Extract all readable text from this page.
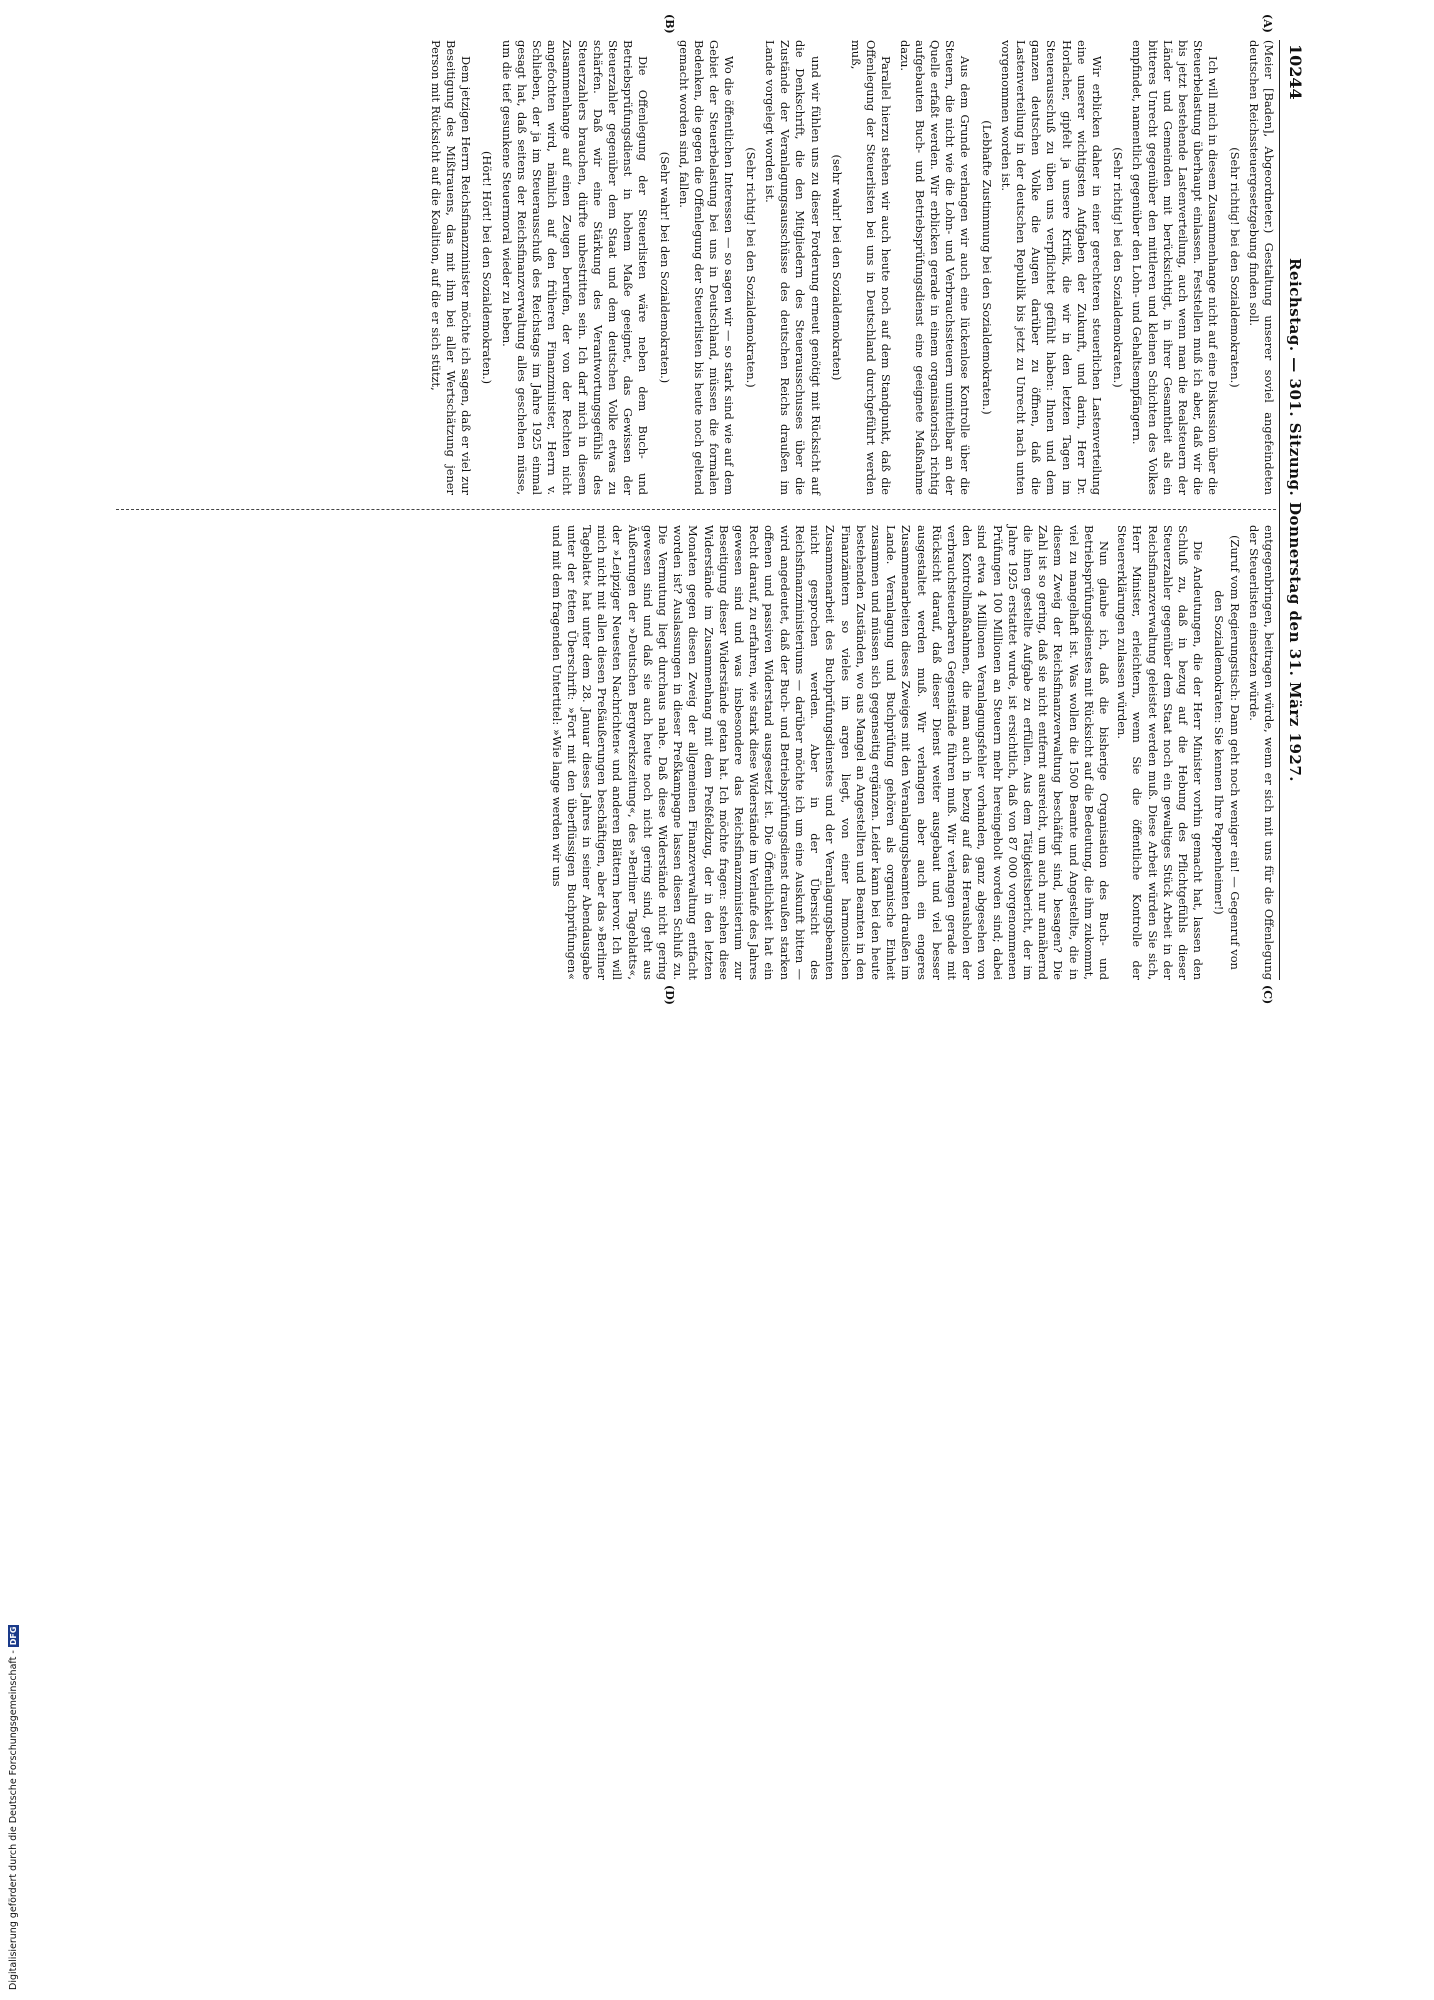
10244
Reichstag. — 301. Sitzung. Donnerstag den 31. März 1927.

(Meier [Baden], Abgeordneter.) Gestaltung unserer soviel angefeindeten deutschen Reichssteuergesetzgebung finden soll.

(Sehr richtig! bei den Sozialdemokraten.)

Ich will mich in diesem Zusammenhange nicht auf eine Diskussion über die Steuerbelastung überhaupt einlassen. Feststellen muß ich aber, daß wir die bis jetzt bestehende Lastenverteilung, auch wenn man die Realsteuern der Länder und Gemeinden mit berücksichtigt, in ihrer Gesamtheit als ein bitteres Unrecht gegenüber den mittleren und kleinen Schichten des Volkes empfindet, namentlich gegenüber den Lohn- und Gehaltsempfängern.

(Sehr richtig! bei den Sozialdemokraten.)

Wir erblicken daher in einer gerechteren steuerlichen Lastenverteilung eine unserer wichtigsten Aufgaben der Zukunft, und darin, Herr Dr. Horlacher, gipfelt ja unsere Kritik, die wir in den letzten Tagen im Steuerausschuß zu üben uns verpflichtet gefühlt haben: Ihnen und dem ganzen deutschen Volke die Augen darüber zu öffnen, daß die Lastenverteilung in der deutschen Republik bis jetzt zu Unrecht nach unten vorgenommen worden ist.

(Lebhafte Zustimmung bei den Sozialdemokraten.)

Aus dem Grunde verlangen wir auch eine lückenlose Kontrolle über die Steuern, die nicht wie die Lohn- und Verbrauchssteuern unmittelbar an der Quelle erfaßt werden. Wir erblicken gerade in einem organisatorisch richtig aufgebauten Buch- und Betriebsprüfungsdienst eine geeignete Maßnahme dazu.

Parallel hierzu stehen wir auch heute noch auf dem Standpunkt, daß die Offenlegung der Steuerlisten bei uns in Deutschland durchgeführt werden muß,

(sehr wahr! bei den Sozialdemokraten)

und wir fühlen uns zu dieser Forderung erneut genötigt mit Rücksicht auf die Denkschrift, die den Mitgliedern des Steuerausschusses über die Zustände der Veranlagungsausschüsse des deutschen Reichs draußen im Lande vorgelegt worden ist.

(Sehr richtig! bei den Sozialdemokraten.)

Wo die öffentlichen Interessen — so sagen wir — so stark sind wie auf dem Gebiet der Steuerbelastung bei uns in Deutschland, müssen die formalen Bedenken, die gegen die Offenlegung der Steuerlisten bis heute noch geltend gemacht worden sind, fallen.

(Sehr wahr! bei den Sozialdemokraten.)

Die Offenlegung der Steuerlisten wäre neben dem Buch- und Betriebsprüfungsdienst in hohem Maße geeignet, das Gewissen der Steuerzahler gegenüber dem Staat und dem deutschen Volke etwas zu schärfen. Daß wir eine Stärkung des Verantwortungsgefühls des Steuerzahlers brauchen, dürfte unbestritten sein. Ich darf mich in diesem Zusammenhange auf einen Zeugen berufen, der von der Rechten nicht angefochten wird, nämlich auf den früheren Finanzminister, Herrn v. Schlieben, der ja im Steuerausschuß des Reichstags im Jahre 1925 einmal gesagt hat, daß seitens der Reichsfinanzverwaltung alles geschehen müsse, um die tief gesunkene Steuermoral wieder zu heben.

(Hört! Hört! bei den Sozialdemokraten.)

Dem jetzigen Herrn Reichsfinanzminister möchte ich sagen, daß er viel zur Beseitigung des Mißtrauens, das mit ihm bei aller Wertschätzung jener Person mit Rücksicht auf die Koalition, auf die er sich stützt,

entgegenbringen, beitragen würde, wenn er sich mit uns für die Offenlegung der Steuerlisten einsetzen würde.

(Zuruf vom Regierungstisch: Dann geht noch weniger ein! — Gegenruf von den Sozialdemokraten: Sie kennen Ihre Pappenheimer!)

Die Andeutungen, die der Herr Minister vorhin gemacht hat, lassen den Schluß zu, daß in bezug auf die Hebung des Pflichtgefühls dieser Steuerzahler gegenüber dem Staat noch ein gewaltiges Stück Arbeit in der Reichsfinanzverwaltung geleistet werden muß. Diese Arbeit würden Sie sich, Herr Minister, erleichtern, wenn Sie die öffentliche Kontrolle der Steuererklärungen zulassen würden.

Nun glaube ich, daß die bisherige Organisation des Buch- und Betriebsprüfungsdienstes mit Rücksicht auf die Bedeutung, die ihm zukommt, viel zu mangelhaft ist. Was wollen die 1500 Beamte und Angestellte, die in diesem Zweig der Reichsfinanzverwaltung beschäftigt sind, besagen? Die Zahl ist so gering, daß sie nicht entfernt ausreicht, um auch nur annähernd die ihnen gestellte Aufgabe zu erfüllen. Aus dem Tätigkeitsbericht, der im Jahre 1925 erstattet wurde, ist ersichtlich, daß von 87 000 vorgenommenen Prüfungen 100 Millionen an Steuern mehr hereingeholt worden sind; dabei sind etwa 4 Millionen Veranlagungsfehler vorhanden, ganz abgesehen von den Kontrollmaßnahmen, die man auch in bezug auf das Herausholen der verbrauchsteuerbaren Gegenstände führen muß. Wir verlangen gerade mit Rücksicht darauf, daß dieser Dienst weiter ausgebaut und viel besser ausgestaltet werden muß. Wir verlangen aber auch ein engeres Zusammenarbeiten dieses Zweiges mit den Veranlagungsbeamten draußen im Lande. Veranlagung und Buchprüfung gehören als organische Einheit zusammen und müssen sich gegenseitig ergänzen. Leider kann bei den heute bestehenden Zuständen, wo aus Mangel an Angestellten und Beamten in den Finanzämtern so vieles im argen liegt, von einer harmonischen Zusammenarbeit des Buchprüfungsdienstes und der Veranlagungsbeamten nicht gesprochen werden. Aber in der Übersicht des Reichsfinanzministeriums — darüber möchte ich um eine Auskunft bitten — wird angedeutet, daß der Buch- und Betriebsprüfungsdienst draußen starken offenen und passiven Widerstand ausgesetzt ist. Die Öffentlichkeit hat ein Recht darauf, zu erfahren, wie stark diese Widerstände im Verlaufe des Jahres gewesen sind und was insbesondere das Reichsfinanzministerium zur Beseitigung dieser Widerstände getan hat. Ich möchte fragen: stehen diese Widerstände im Zusammenhang mit dem Preßfeldzug, der in den letzten Monaten gegen diesen Zweig der allgemeinen Finanzverwaltung entfacht worden ist? Auslassungen in dieser Preßkampagne lassen diesen Schluß zu. Die Vermutung liegt durchaus nahe. Daß diese Widerstände nicht gering gewesen sind und daß sie auch heute noch nicht gering sind, geht aus Äußerungen der »Deutschen Bergwerkszeitung«, des »Berliner Tageblatts«, der »Leipziger Neuesten Nachrichten« und anderen Blättern hervor. Ich will mich nicht mit allen diesen Preßäußerungen beschäftigen, aber das »Berliner Tageblatt« hat unter dem 28. Januar dieses Jahres in seiner Abendausgabe unter der fetten Überschrift: »Fort mit den überflüssigen Buchprüfungen« und mit dem fragenden Untertitel: »Wie lange werden wir uns

(A)
(B)
(C)
(D)
Digitalisierung gefördert durch die Deutsche Forschungsgemeinschaft -DFG
